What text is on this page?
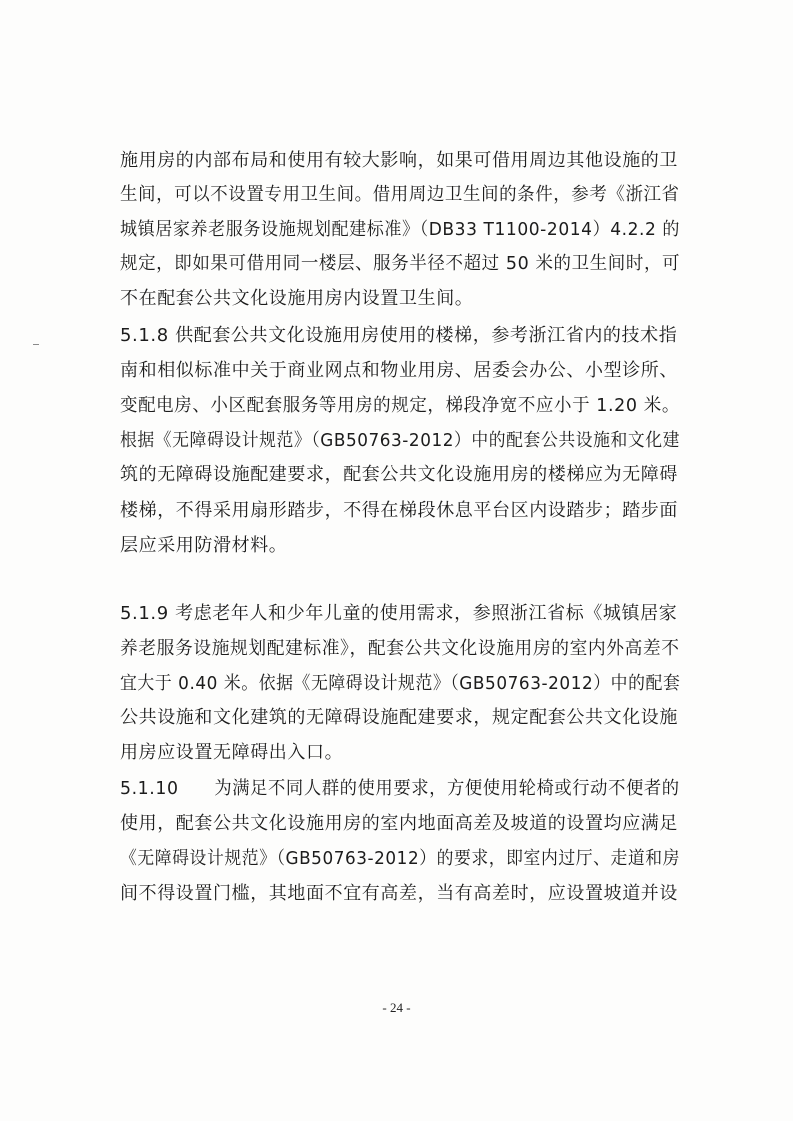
施用房的内部布局和使用有较大影响，如果可借用周边其他设施的卫
生间，可以不设置专用卫生间。借用周边卫生间的条件，参考《浙江省
城镇居家养老服务设施规划配建标准》（DB33 T1100-2014）4.2.2 的
规定，即如果可借用同一楼层、服务半径不超过 50 米的卫生间时，可
不在配套公共文化设施用房内设置卫生间。
5.1.8 供配套公共文化设施用房使用的楼梯，参考浙江省内的技术指
南和相似标准中关于商业网点和物业用房、居委会办公、小型诊所、
变配电房、小区配套服务等用房的规定，梯段净宽不应小于 1.20 米。
根据《无障碍设计规范》（GB50763-2012）中的配套公共设施和文化建
筑的无障碍设施配建要求，配套公共文化设施用房的楼梯应为无障碍
楼梯，不得采用扇形踏步，不得在梯段休息平台区内设踏步；踏步面
层应采用防滑材料。
5.1.9 考虑老年人和少年儿童的使用需求，参照浙江省标《城镇居家
养老服务设施规划配建标准》，配套公共文化设施用房的室内外高差不
宜大于 0.40 米。依据《无障碍设计规范》（GB50763-2012）中的配套
公共设施和文化建筑的无障碍设施配建要求，规定配套公共文化设施
用房应设置无障碍出入口。
5.1.10　　为满足不同人群的使用要求，方便使用轮椅或行动不便者的
使用，配套公共文化设施用房的室内地面高差及坡道的设置均应满足
《无障碍设计规范》（GB50763-2012）的要求，即室内过厅、走道和房
间不得设置门槛，其地面不宜有高差，当有高差时，应设置坡道并设
- 24 -
